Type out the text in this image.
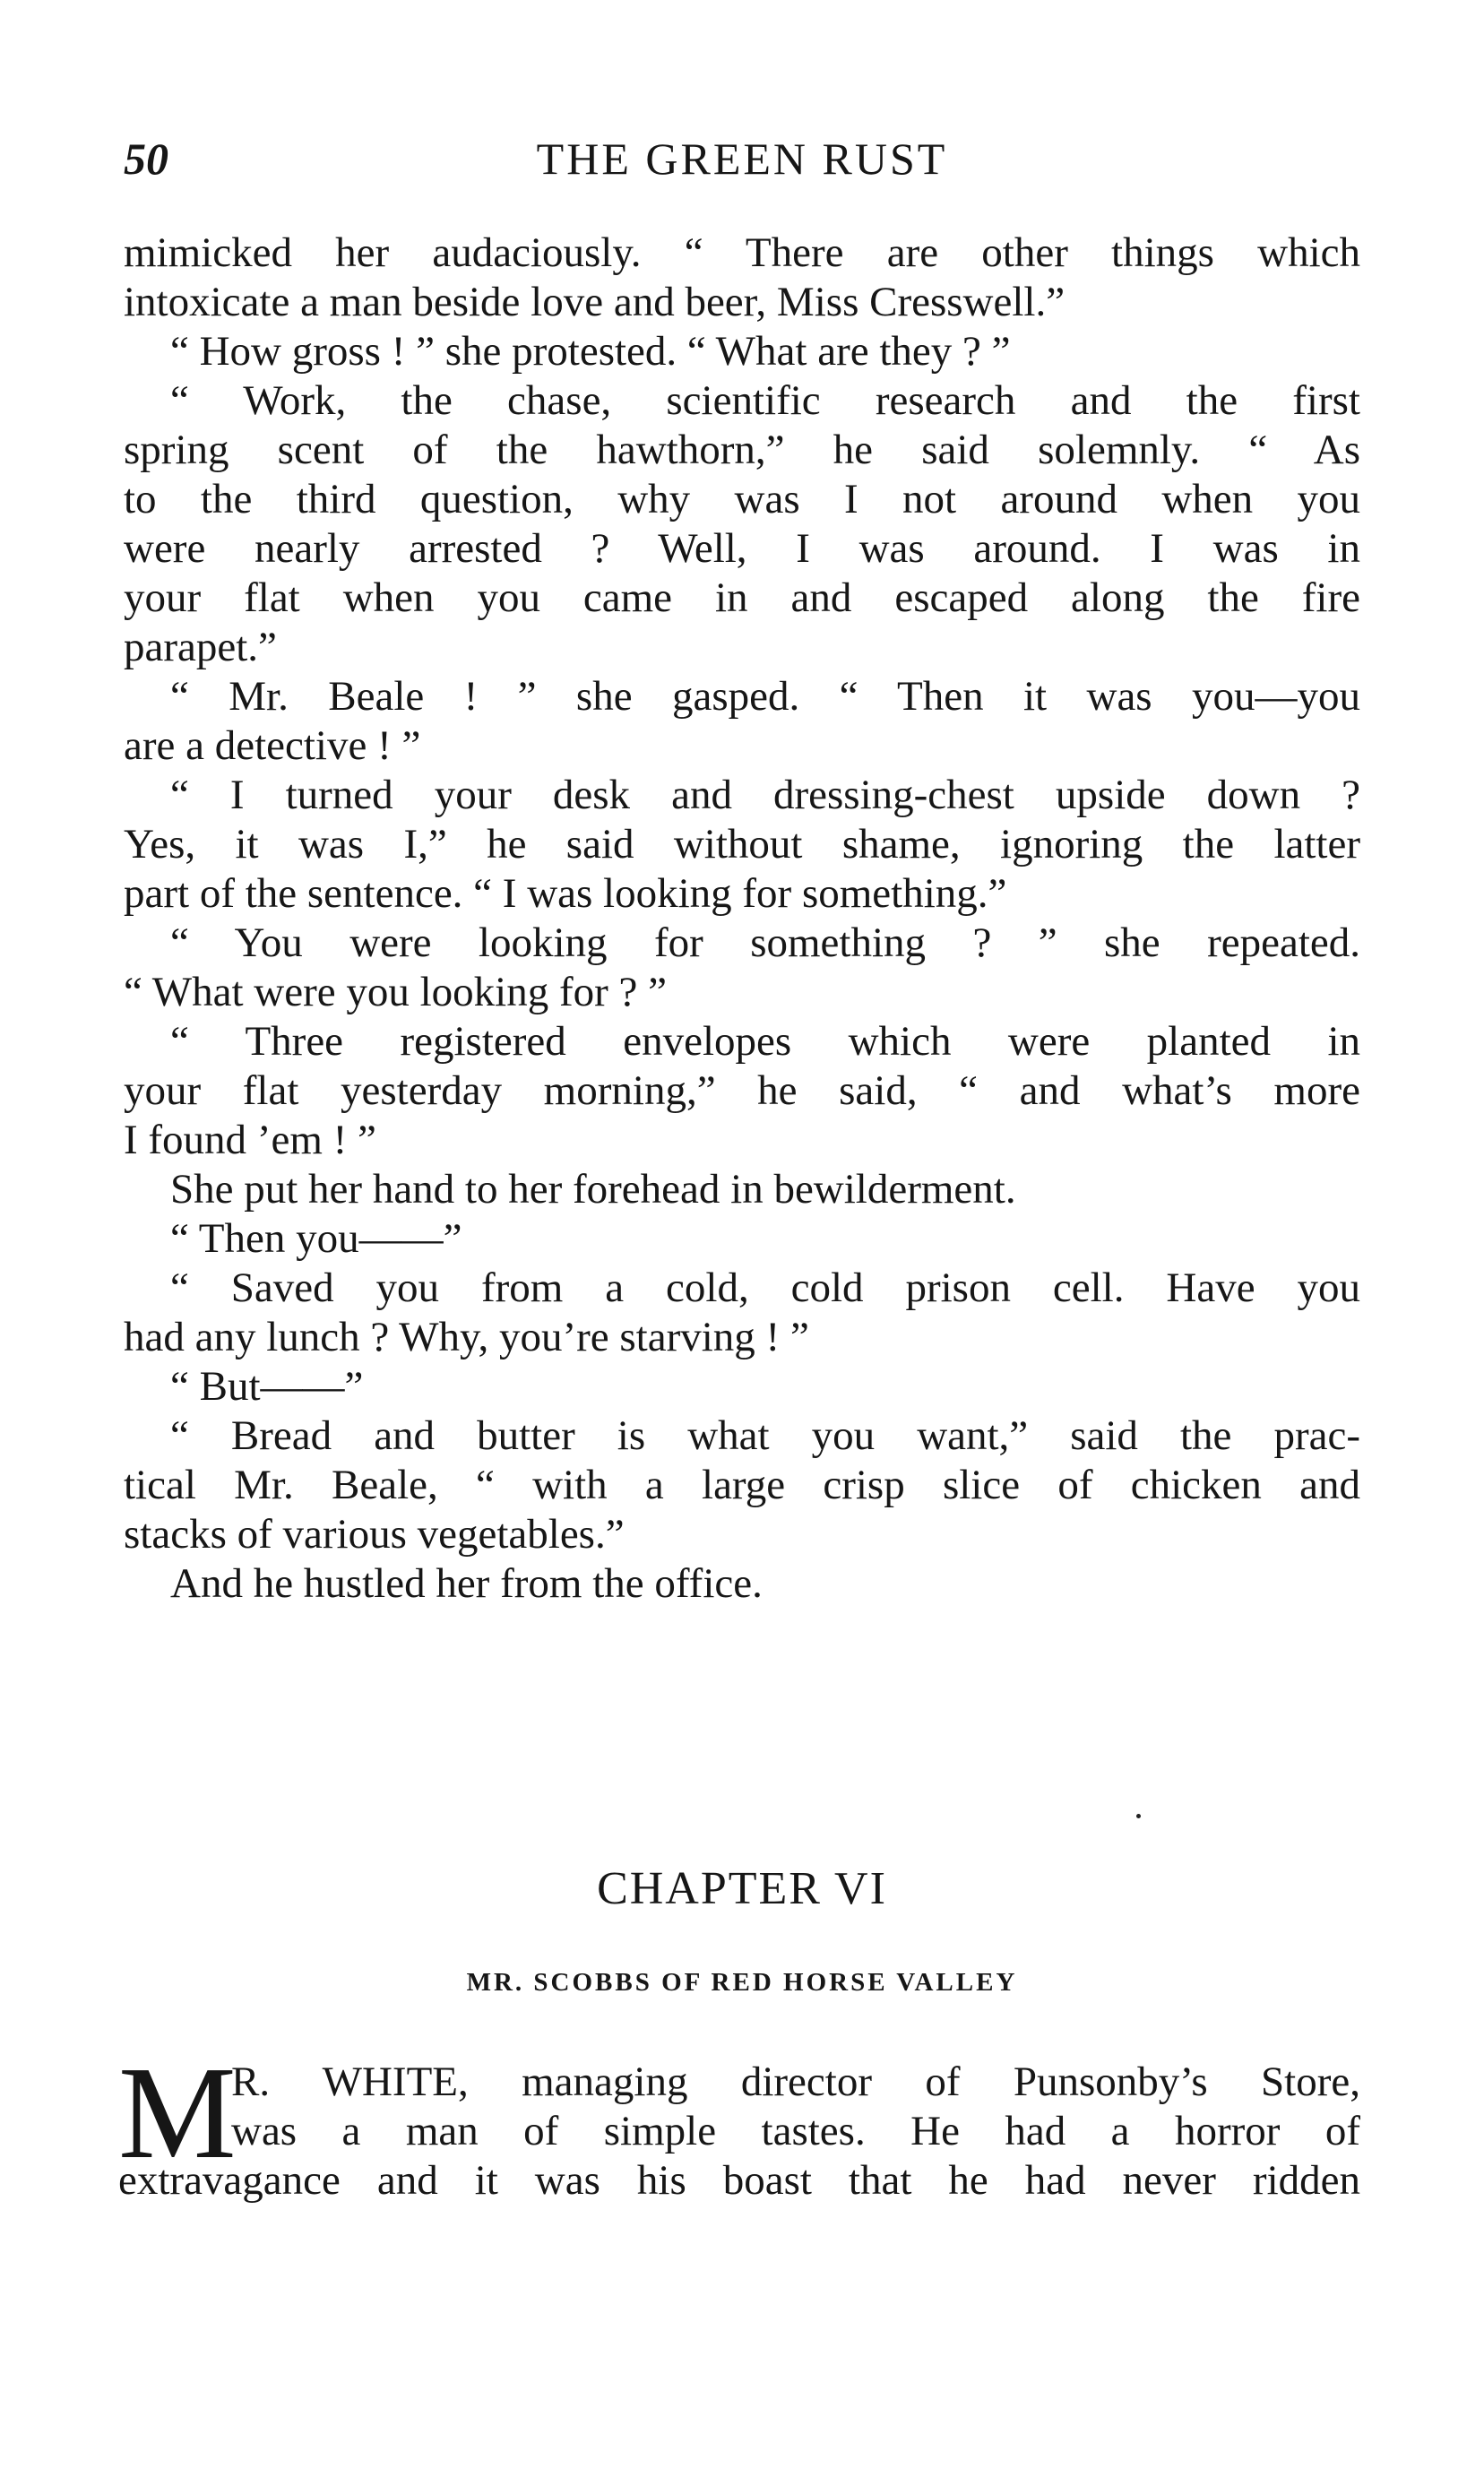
50	THE GREEN RUST
mimicked her audaciously. “ There are other things which
intoxicate a man beside love and beer, Miss Cresswell.”
“ How gross ! ” she protested. “ What are they ? ”
“ Work, the chase, scientific research and the first
spring scent of the hawthorn,” he said solemnly. “ As
to the third question, why was I not around when you
were nearly arrested ? Well, I was around. I was in
your flat when you came in and escaped along the fire
parapet.”
“ Mr. Beale ! ” she gasped. “ Then it was you—you
are a detective ! ”
“ I turned your desk and dressing-chest upside down ?
Yes, it was I,” he said without shame, ignoring the latter
part of the sentence. “ I was looking for something.”
“ You were looking for something ? ” she repeated.
“ What were you looking for ? ”
“ Three registered envelopes which were planted in
your flat yesterday morning,” he said, “ and what’s more
I found ’em ! ”
She put her hand to her forehead in bewilderment.
“ Then you——”
“ Saved you from a cold, cold prison cell. Have you
had any lunch ? Why, you’re starving ! ”
“ But——”
“ Bread and butter is what you want,” said the prac-
tical Mr. Beale, “ with a large crisp slice of chicken and
stacks of various vegetables.”
And he hustled her from the office.
CHAPTER VI
MR. SCOBBS OF RED HORSE VALLEY
M
R. WHITE, managing director of Punsonby’s Store,
was a man of simple tastes. He had a horror of
extravagance and it was his boast that he had never ridden
